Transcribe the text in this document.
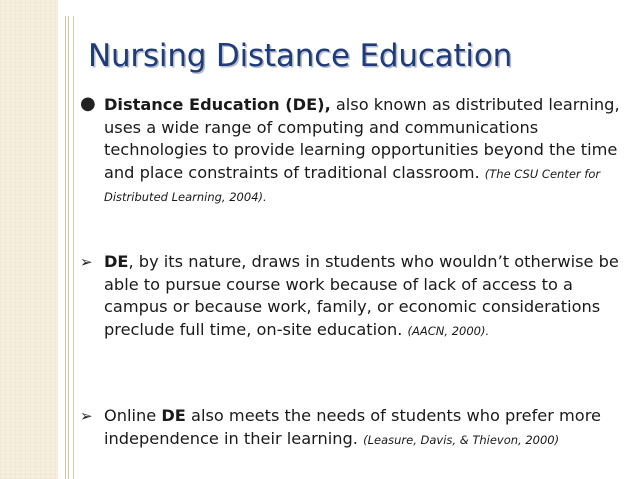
Nursing Distance Education
● Distance Education (DE), also known as distributed learning, uses a wide range of computing and communications technologies to provide learning opportunities beyond the time and place constraints of traditional classroom. (The CSU Center for Distributed Learning, 2004).
➢ DE, by its nature, draws in students who wouldn’t otherwise be able to pursue course work because of lack of access to a campus or because work, family, or economic considerations preclude full time, on-site education. (AACN, 2000).
➢ Online DE also meets the needs of students who prefer more independence in their learning. (Leasure, Davis, & Thievon, 2000)
